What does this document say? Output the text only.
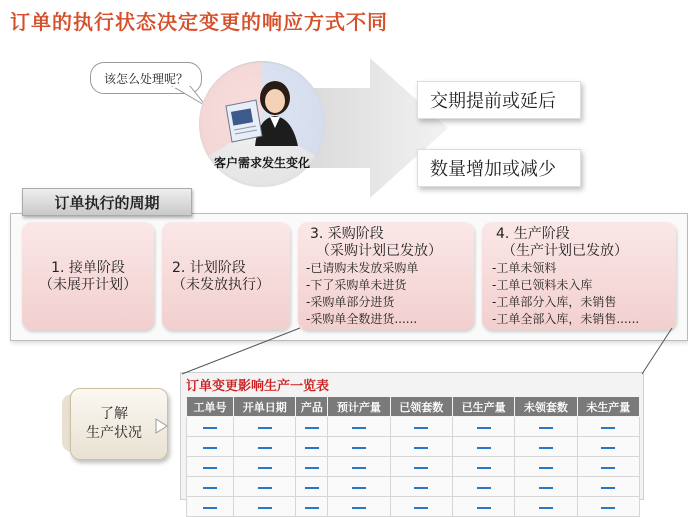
订单的执行状态决定变更的响应方式不同
该怎么处理呢？
客户需求发生变化
交期提前或延后
数量增加或减少
订单执行的周期
1. 接单阶段
（未展开计划）
2. 计划阶段
（未发放执行）
3. 采购阶段
（采购计划已发放）
-已请购未发放采购单
-下了采购单未进货
-采购单部分进货
-采购单全数进货......
4. 生产阶段
（生产计划已发放）
-工单未领料
-工单已领料未入库
-工单部分入库，未销售
-工单全部入库，未销售......
订单变更影响生产一览表
工单号	开单日期	产品	预计产量	已领套数	已生产量	未领套数	未生产量

了解
生产状况
